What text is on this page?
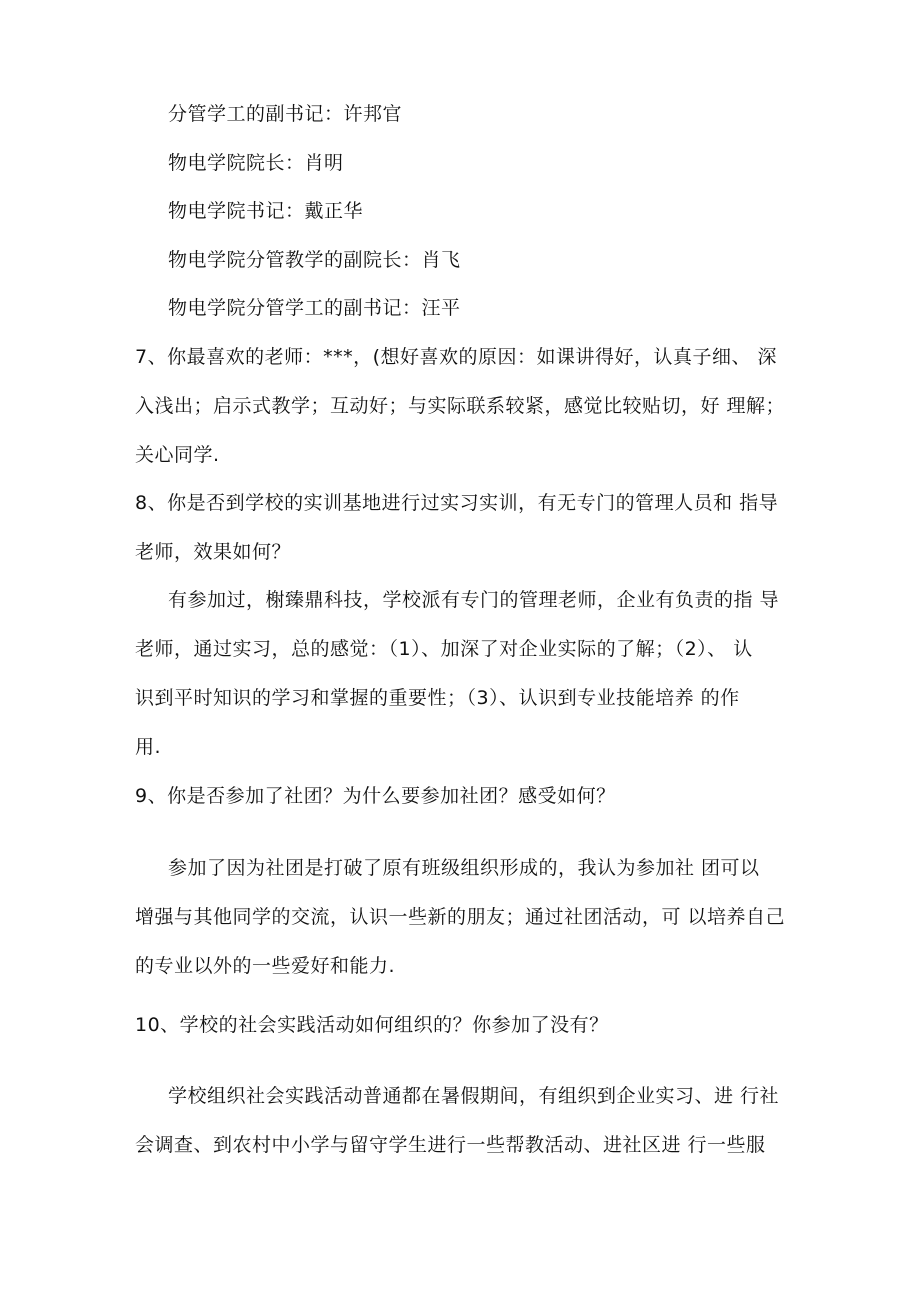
分管学工的副书记：许邦官
物电学院院长：肖明
物电学院书记：戴正华
物电学院分管教学的副院长：肖飞
物电学院分管学工的副书记：汪平
7、你最喜欢的老师：***，(想好喜欢的原因：如课讲得好，认真子细、 深
入浅出；启示式教学；互动好；与实际联系较紧，感觉比较贴切，好 理解；
关心同学.
8、你是否到学校的实训基地进行过实习实训，有无专门的管理人员和 指导
老师，效果如何？
有参加过，榭臻鼎科技，学校派有专门的管理老师，企业有负责的指 导
老师，通过实习，总的感觉：（1）、加深了对企业实际的了解；（2）、 认
识到平时知识的学习和掌握的重要性；（3）、认识到专业技能培养 的作
用.
9、你是否参加了社团？为什么要参加社团？感受如何？
参加了因为社团是打破了原有班级组织形成的，我认为参加社 团可以
增强与其他同学的交流，认识一些新的朋友；通过社团活动，可 以培养自己
的专业以外的一些爱好和能力.
10、学校的社会实践活动如何组织的？你参加了没有？
学校组织社会实践活动普通都在暑假期间，有组织到企业实习、进 行社
会调查、到农村中小学与留守学生进行一些帮教活动、进社区进 行一些服
